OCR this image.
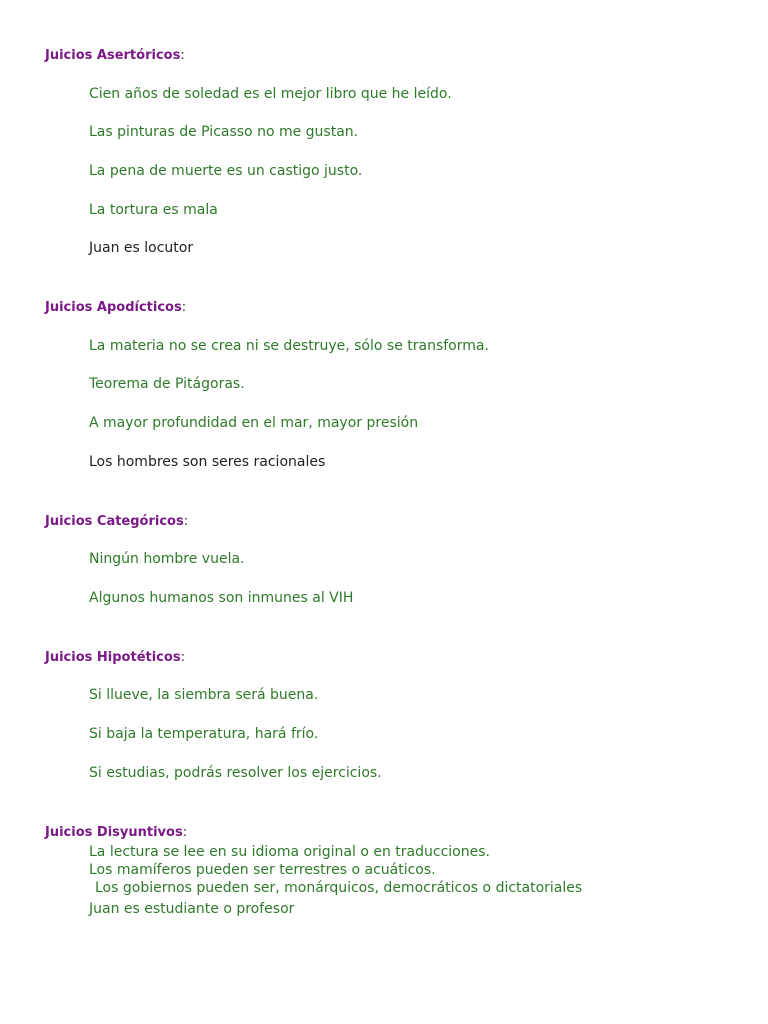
Juicios Asertóricos:
Cien años de soledad es el mejor libro que he leído.
Las pinturas de Picasso no me gustan.
La pena de muerte es un castigo justo.
La tortura es mala
Juan es locutor
Juicios Apodícticos:
La materia no se crea ni se destruye, sólo se transforma.
Teorema de Pitágoras.
A mayor profundidad en el mar, mayor presión
Los hombres son seres racionales
Juicios Categóricos:
Ningún hombre vuela.
Algunos humanos son inmunes al VIH
Juicios Hipotéticos:
Si llueve, la siembra será buena.
Si baja la temperatura, hará frío.
Si estudias, podrás resolver los ejercicios.
Juicios Disyuntivos:
La lectura se lee en su idioma original o en traducciones.
Los mamíferos pueden ser terrestres o acuáticos.
Los gobiernos pueden ser, monárquicos, democráticos o dictatoriales
Juan es estudiante o profesor
